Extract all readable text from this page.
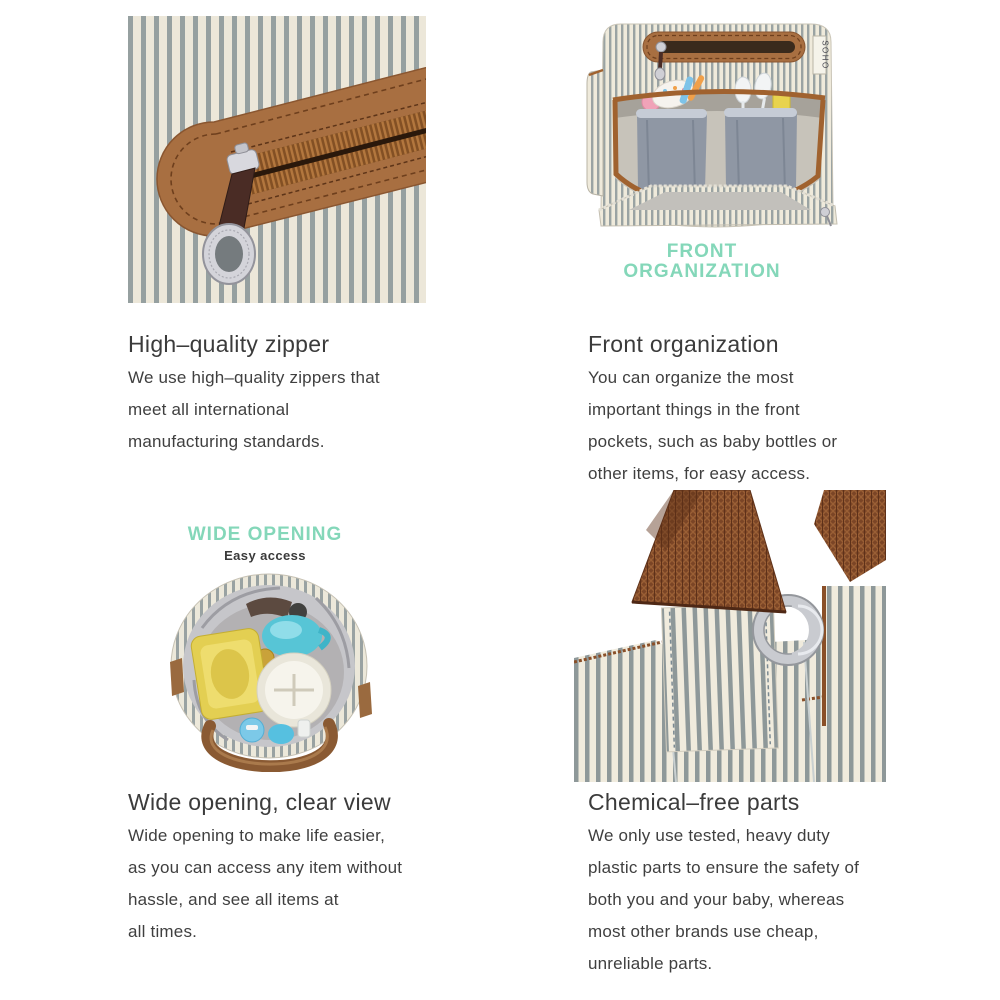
SOHO
FRONT
ORGANIZATION
WIDE OPENING
Easy access
High–quality zipper
We use high–quality zippers that
meet all international
manufacturing standards.
Front organization
You can organize the most
important things in the front
pockets, such as baby bottles or
other items, for easy access.
Wide opening, clear view
Wide opening to make life easier,
as you can access any item without
hassle, and see all items at
all times.
Chemical–free parts
We only use tested, heavy duty
plastic parts to ensure the safety of
both you and your baby, whereas
most other brands use cheap,
unreliable parts.
